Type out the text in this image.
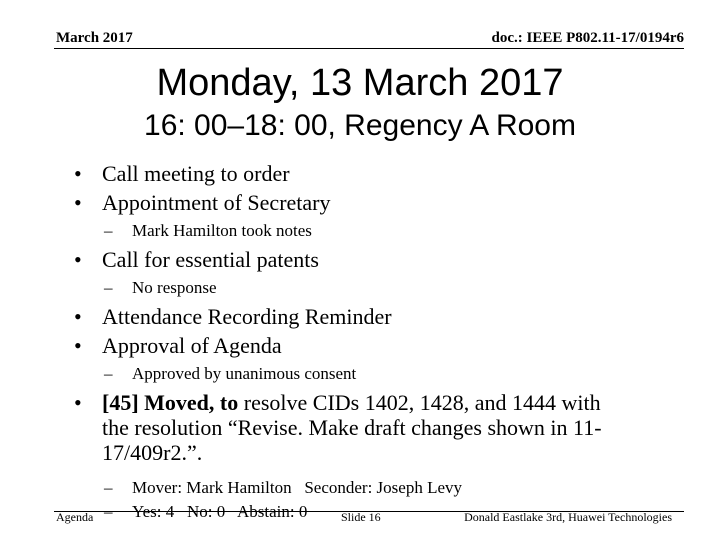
March 2017	doc.: IEEE P802.11-17/0194r6
Monday, 13 March 2017
16: 00–18: 00, Regency A Room
• Call meeting to order
• Appointment of Secretary
– Mark Hamilton took notes
• Call for essential patents
– No response
• Attendance Recording Reminder
• Approval of Agenda
– Approved by unanimous consent
• [45] Moved, to resolve CIDs 1402, 1428, and 1444 with
the resolution “Revise. Make draft changes shown in 11-
17/409r2.”.
– Mover: Mark Hamilton   Seconder: Joseph Levy
– Yes: 4   No: 0   Abstain: 0
Agenda	Slide 16	Donald Eastlake 3rd, Huawei Technologies
